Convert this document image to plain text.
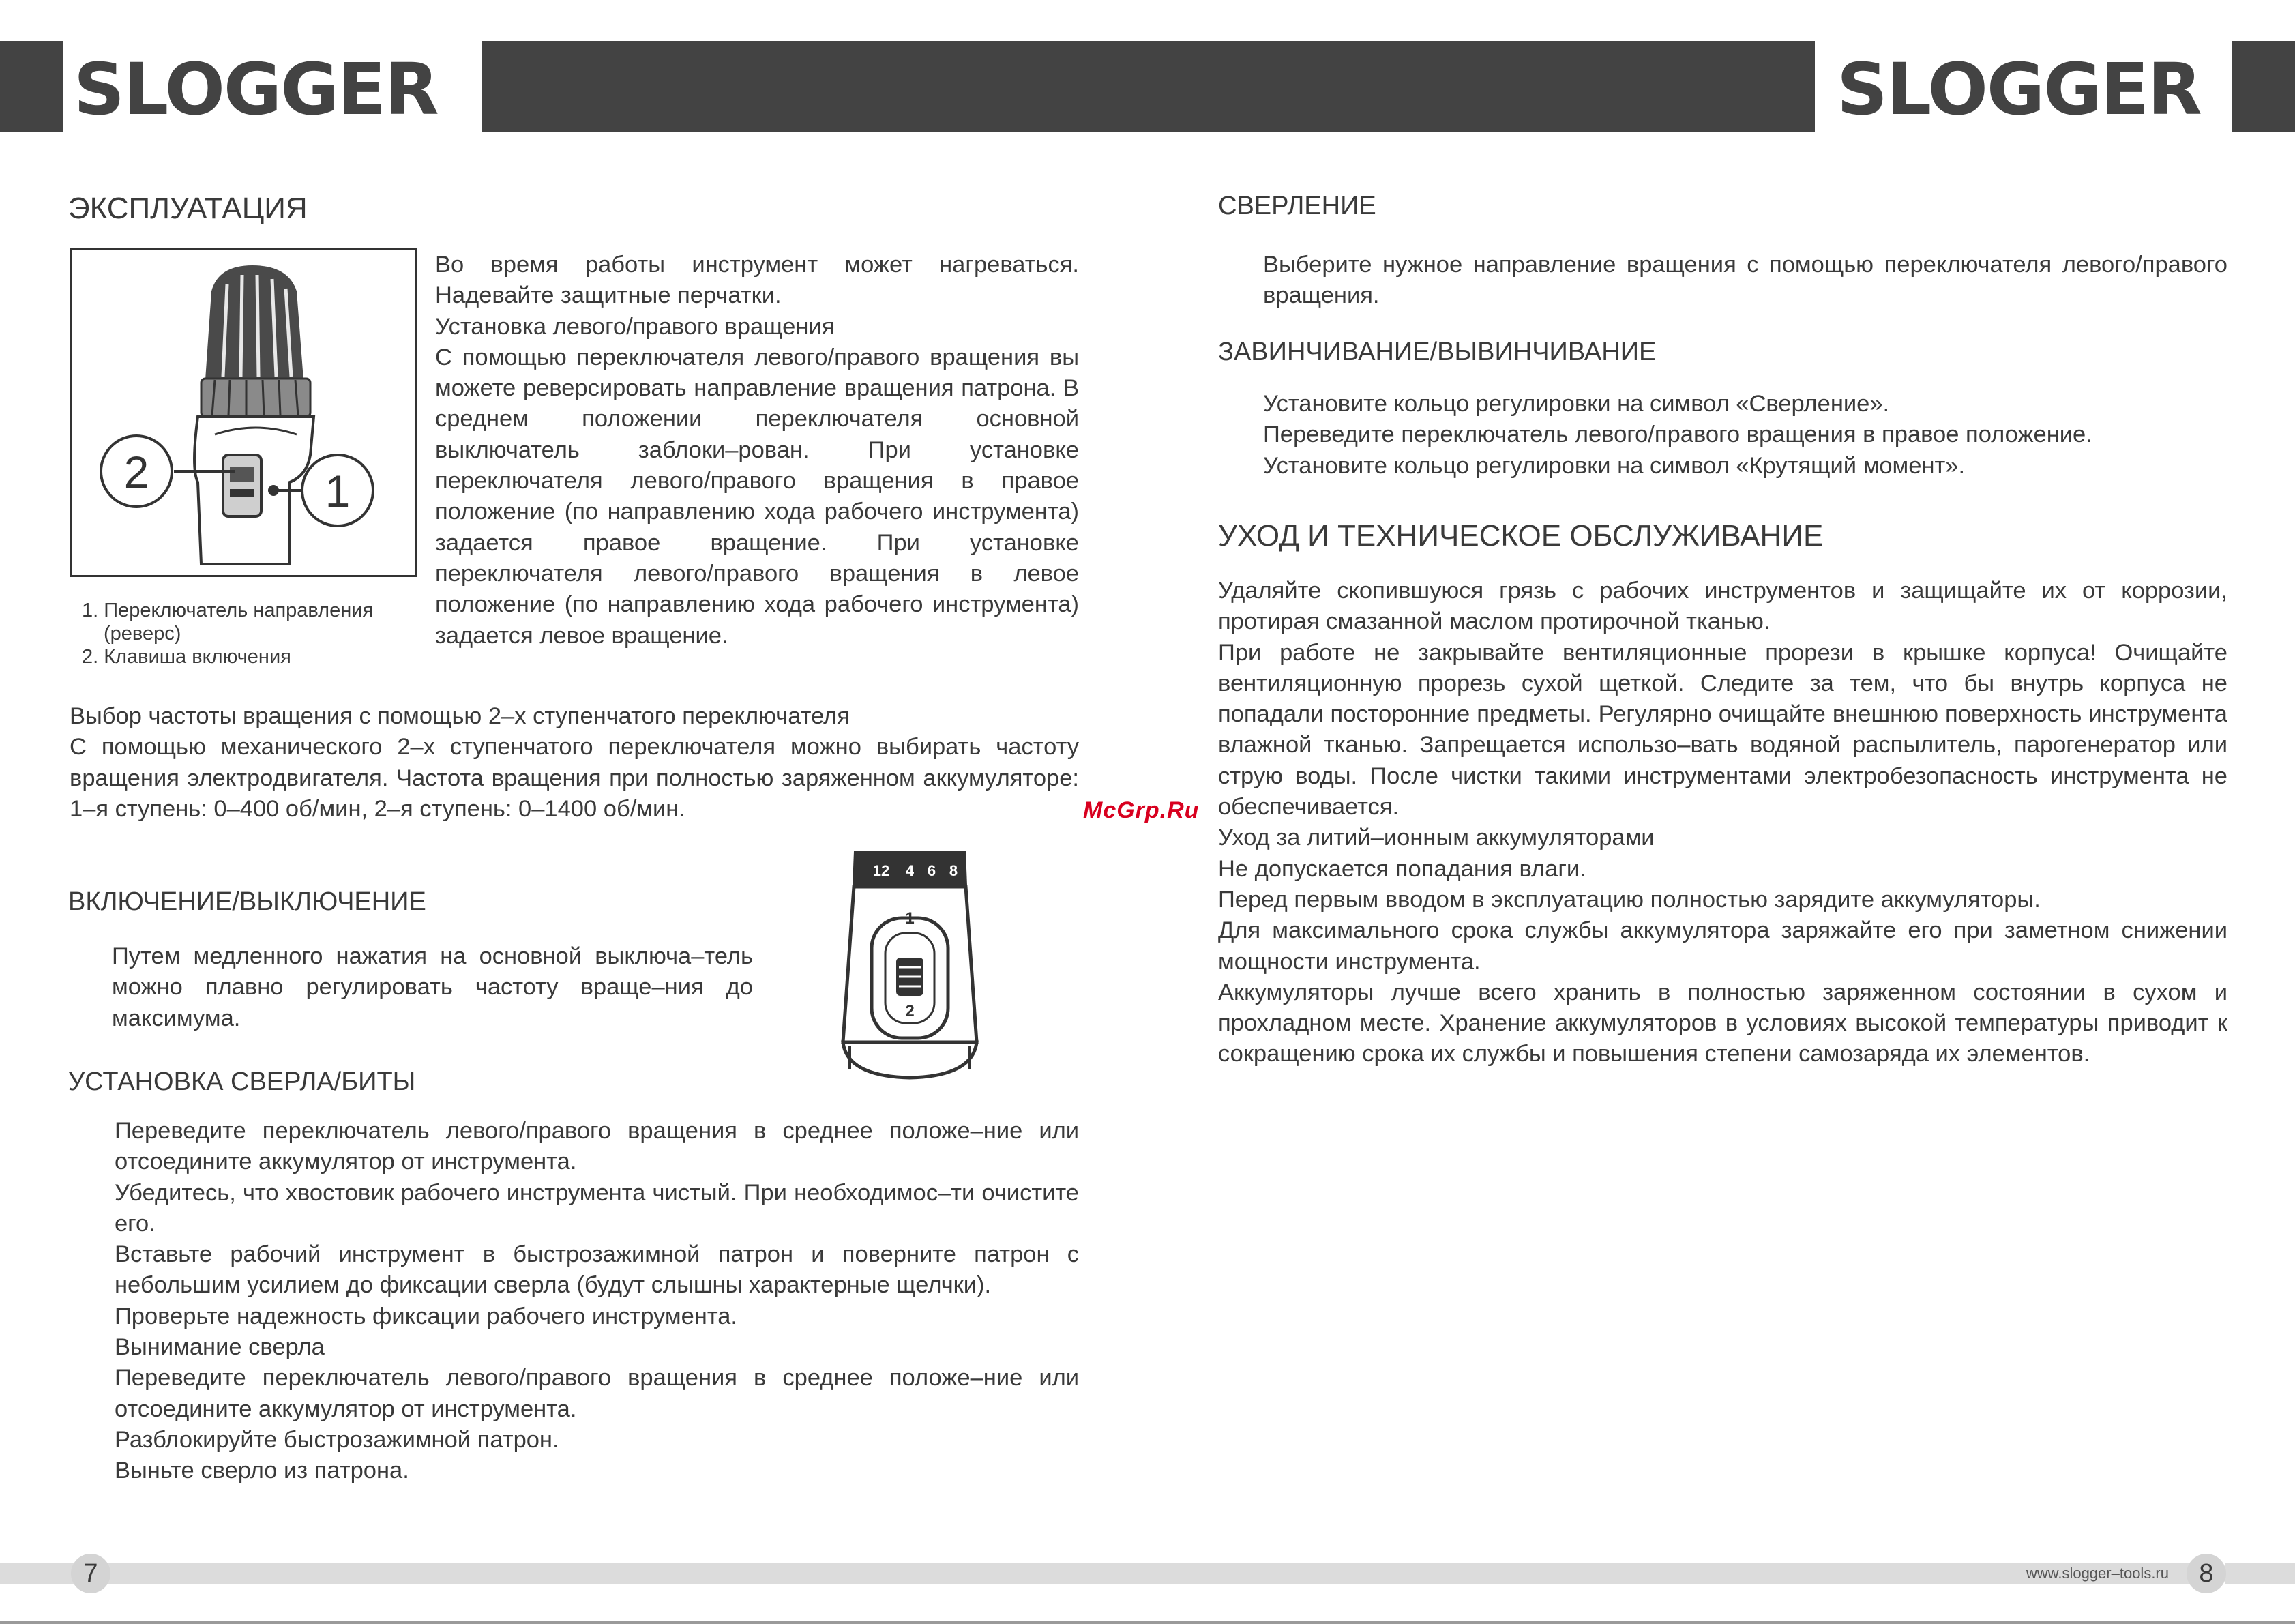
SLOGGER	SLOGGER
ЭКСПЛУАТАЦИЯ
2	1
1. Переключатель направления
(реверс)
2. Клавиша включения

Во время работы инструмент может нагреваться. Надевайте защитные перчатки.

Установка левого/правого вращения

С помощью переключателя левого/правого вращения вы можете реверсировать направление вращения патрона. В среднем положении переключателя основной выключатель заблоки–рован. При установке переключателя левого/правого вращения в правое положение (по направлению хода рабочего инструмента) задается правое вращение. При установке переключателя левого/правого вращения в левое положение (по направлению хода рабочего инструмента) задается левое вращение.

Выбор частоты вращения с помощью 2–х ступенчатого переключателя

С помощью механического 2–х ступенчатого переключателя можно выбирать частоту вращения электродвигателя. Частота вращения при полностью заряженном аккумуляторе: 1–я ступень: 0–400 об/мин, 2–я ступень: 0–1400 об/мин.

ВКЛЮЧЕНИЕ/ВЫКЛЮЧЕНИЕ
Путем медленного нажатия на основной выключа–тель можно плавно регулировать частоту враще–ния до максимума.
12 4 6 8
1
2
УСТАНОВКА СВЕРЛА/БИТЫ

Переведите переключатель левого/правого вращения в среднее положе–ние или отсоедините аккумулятор от инструмента.

Убедитесь, что хвостовик рабочего инструмента чистый. При необходимос–ти очистите его.

Вставьте рабочий инструмент в быстрозажимной патрон и поверните патрон с небольшим усилием до фиксации сверла (будут слышны характерные щелчки).

Проверьте надежность фиксации рабочего инструмента.

Вынимание сверла

Переведите переключатель левого/правого вращения в среднее положе–ние или отсоедините аккумулятор от инструмента.

Разблокируйте быстрозажимной патрон.

Выньте сверло из патрона.

McGrp.Ru
СВЕРЛЕНИЕ
Выберите нужное направление вращения с помощью переключателя левого/правого вращения.
ЗАВИНЧИВАНИЕ/ВЫВИНЧИВАНИЕ

Установите кольцо регулировки на символ «Сверление».

Переведите переключатель левого/правого вращения в правое положение.

Установите кольцо регулировки на символ «Крутящий момент».

УХОД И ТЕХНИЧЕСКОЕ ОБСЛУЖИВАНИЕ

Удаляйте скопившуюся грязь с рабочих инструментов и защищайте их от коррозии, протирая смазанной маслом протирочной тканью.

При работе не закрывайте вентиляционные прорези в крышке корпуса! Очищайте вентиляционную прорезь сухой щеткой. Следите за тем, что бы внутрь корпуса не попадали посторонние предметы. Регулярно очищайте внешнюю поверхность инструмента влажной тканью. Запрещается использо–вать водяной распылитель, парогенератор или струю воды. После чистки такими инструментами электробезопасность инструмента не обеспечивается.

Уход за литий–ионным аккумуляторами

Не допускается попадания влаги.

Перед первым вводом в эксплуатацию полностью зарядите аккумуляторы.

Для максимального срока службы аккумулятора заряжайте его при заметном снижении мощности инструмента.

Аккумуляторы лучше всего хранить в полностью заряженном состоянии в сухом и прохладном месте. Хранение аккумуляторов в условиях высокой температуры приводит к сокращению срока их службы и повышения степени самозаряда их элементов.

7	www.slogger–tools.ru	8
